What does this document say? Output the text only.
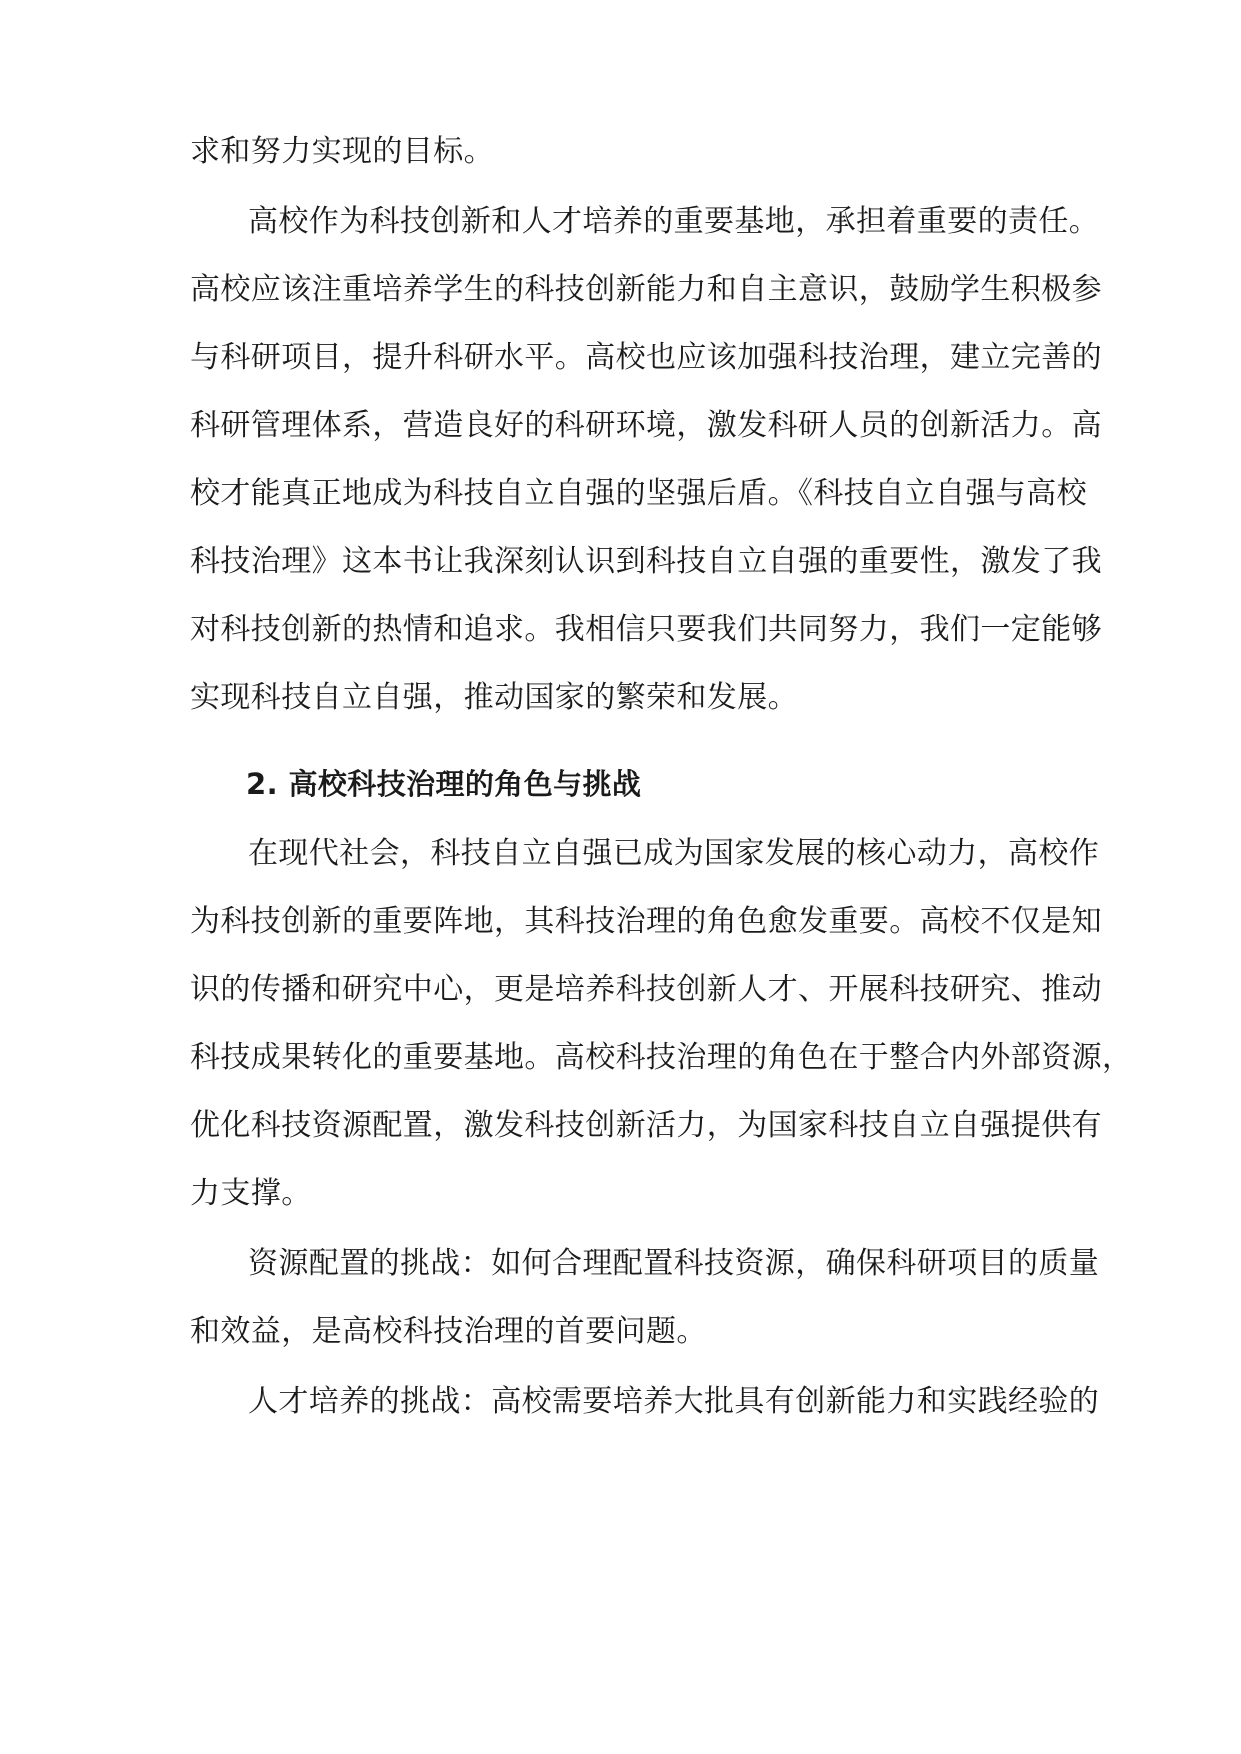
求和努力实现的目标。
高校作为科技创新和人才培养的重要基地，承担着重要的责任。
高校应该注重培养学生的科技创新能力和自主意识，鼓励学生积极参
与科研项目，提升科研水平。高校也应该加强科技治理，建立完善的
科研管理体系，营造良好的科研环境，激发科研人员的创新活力。高
校才能真正地成为科技自立自强的坚强后盾。《科技自立自强与高校
科技治理》这本书让我深刻认识到科技自立自强的重要性，激发了我
对科技创新的热情和追求。我相信只要我们共同努力，我们一定能够
实现科技自立自强，推动国家的繁荣和发展。
2. 高校科技治理的角色与挑战
在现代社会，科技自立自强已成为国家发展的核心动力，高校作
为科技创新的重要阵地，其科技治理的角色愈发重要。高校不仅是知
识的传播和研究中心，更是培养科技创新人才、开展科技研究、推动
科技成果转化的重要基地。高校科技治理的角色在于整合内外部资源，
优化科技资源配置，激发科技创新活力，为国家科技自立自强提供有
力支撑。
资源配置的挑战：如何合理配置科技资源，确保科研项目的质量
和效益，是高校科技治理的首要问题。
人才培养的挑战：高校需要培养大批具有创新能力和实践经验的
